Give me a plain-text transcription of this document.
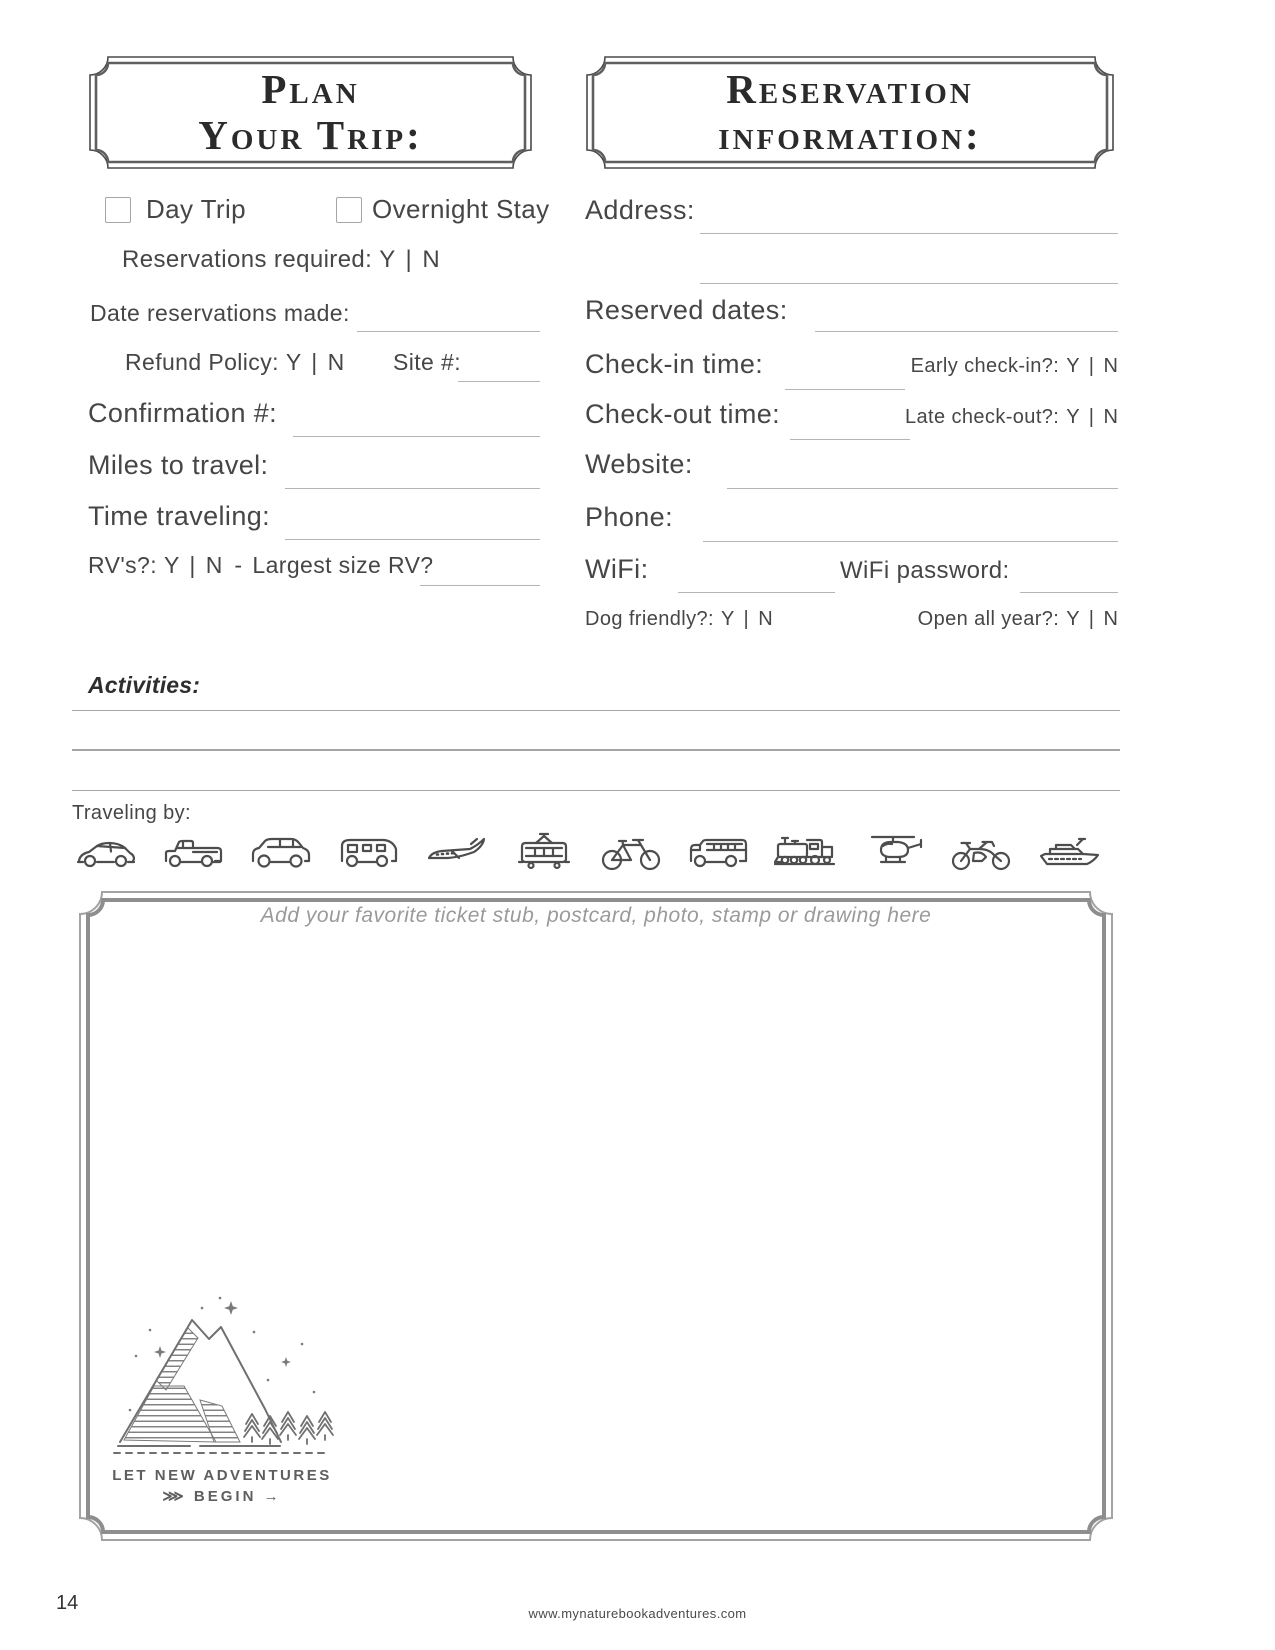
Plan
Your Trip:
Reservation
information:
Day Trip	Overnight Stay
Reservations required: Y | N
Date reservations made:
Refund Policy: Y | N Site #:
Confirmation #:
Miles to travel:
Time traveling:
RV's?: Y | N - Largest size RV?
Address:
Reserved dates:
Check-in time:	Early check-in?: Y | N
Check-out time:	Late check-out?: Y | N
Website:
Phone:
WiFi:	WiFi password:
Dog friendly?: Y | N	Open all year?: Y | N
Activities:
Traveling by:
Add your favorite ticket stub, postcard, photo, stamp or drawing here
LET NEW ADVENTURES
⋙ BEGIN →
14	www.mynaturebookadventures.com
